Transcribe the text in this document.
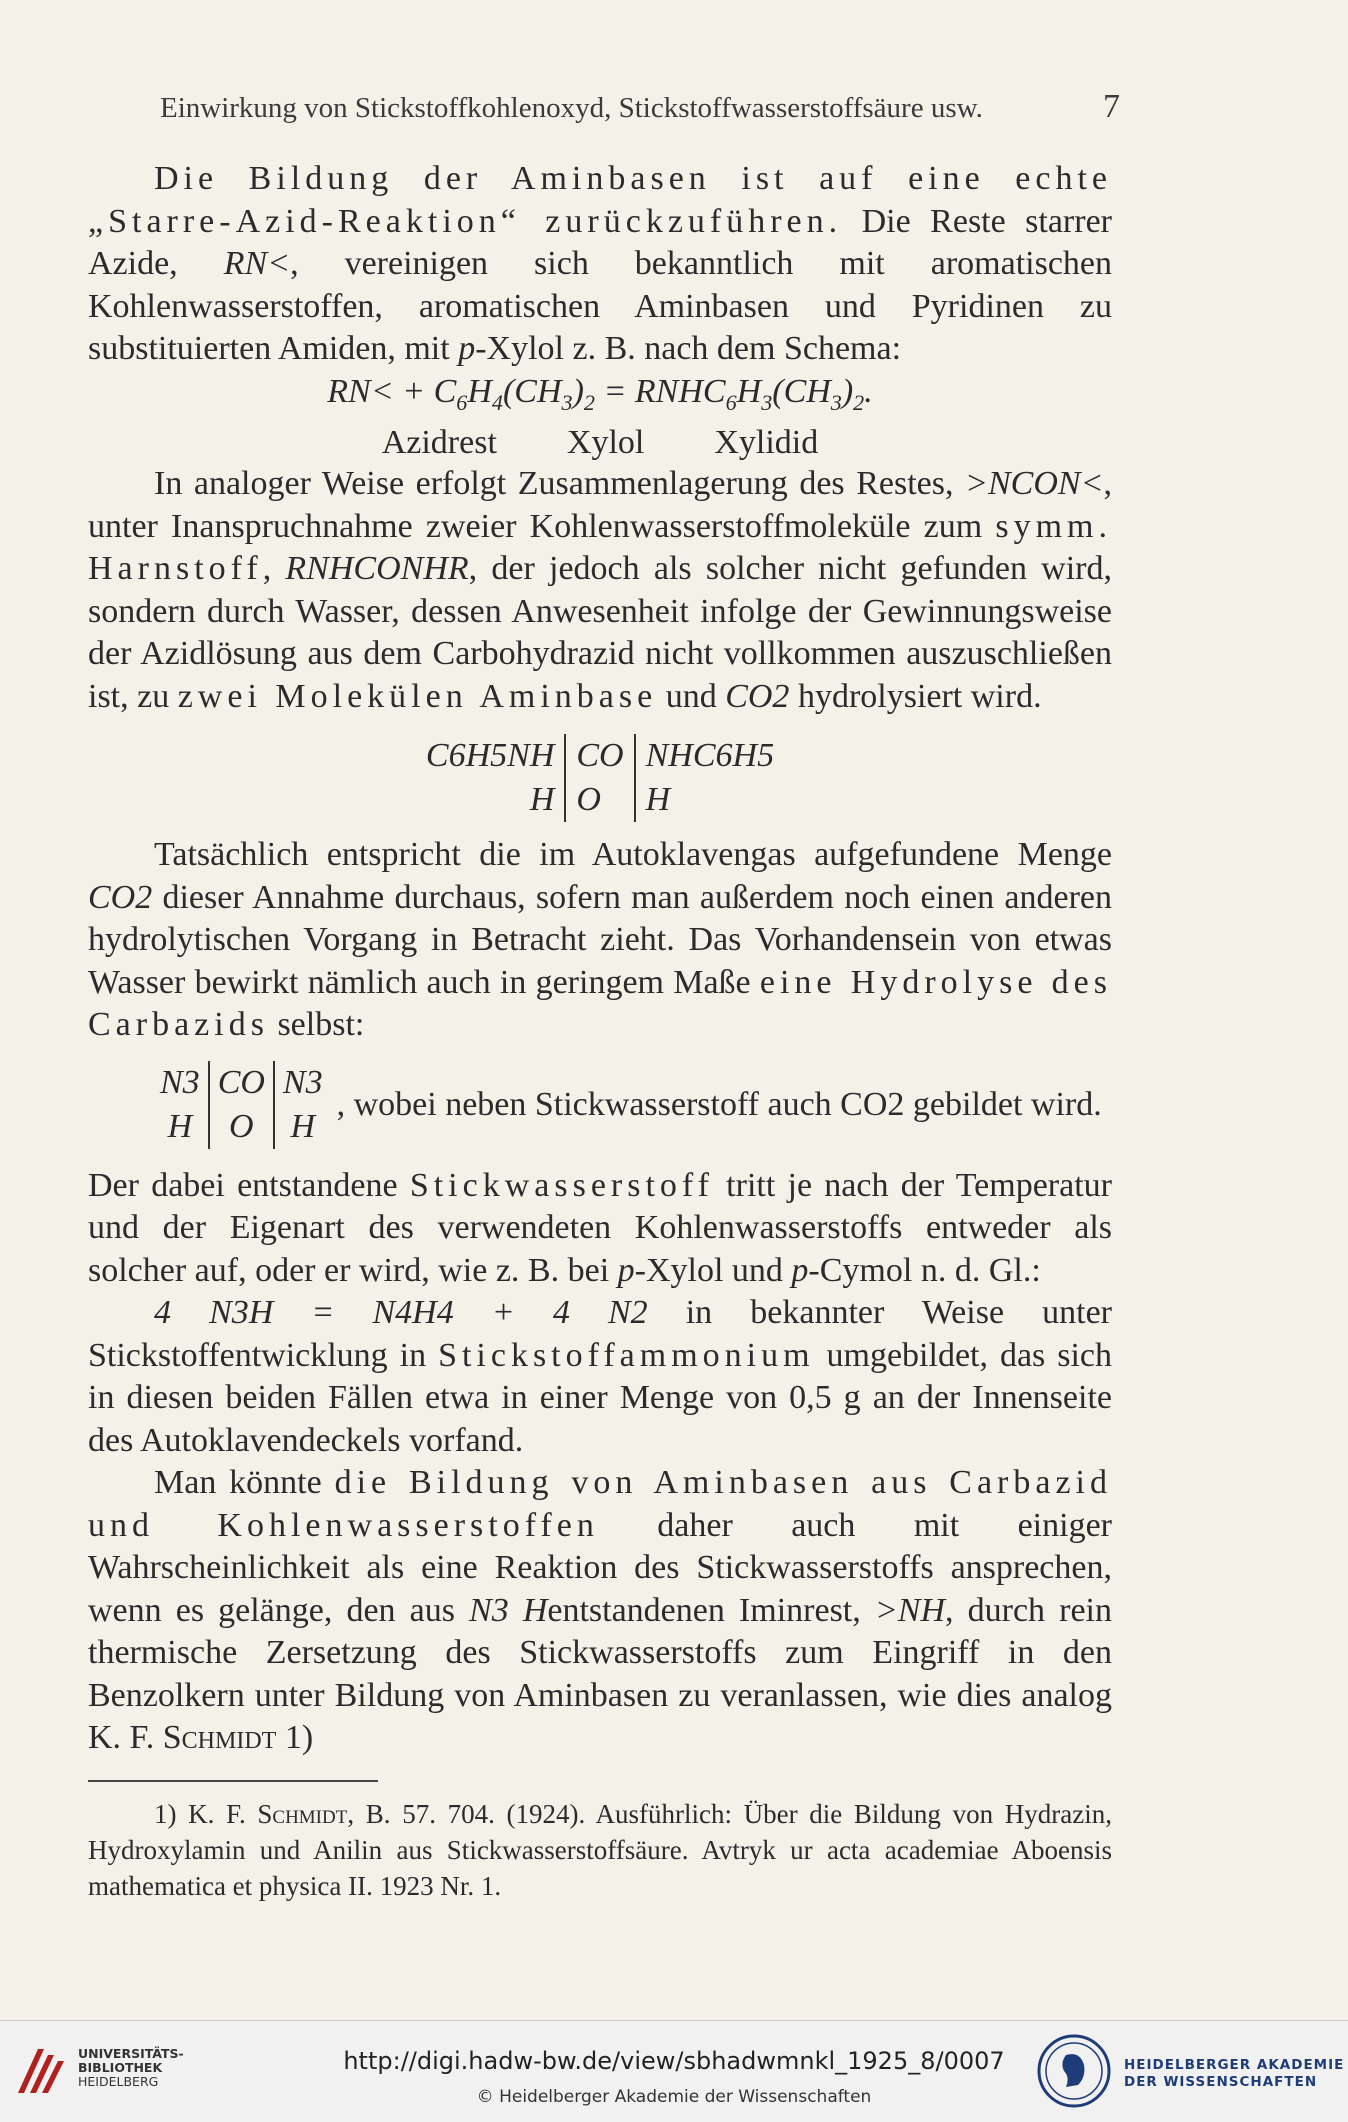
Einwirkung von Stickstoffkohlenoxyd, Stickstoffwasserstoffsäure usw.	7

Die Bildung der Aminbasen ist auf eine echte „Starre-Azid-Reaktion“ zurückzuführen. Die Reste starrer Azide, RN<, vereinigen sich bekanntlich mit aromatischen Kohlenwasserstoffen, aromatischen Aminbasen und Pyridinen zu substituierten Amiden, mit p-Xylol z. B. nach dem Schema:

$RN< + C_6H_4(CH_3)_2$ = $RNHC_6H_3(CH_3)_2$.

Azidrest Xylol Xylidid

In analoger Weise erfolgt Zusammenlagerung des Restes, >NCON<, unter Inanspruchnahme zweier Kohlenwasserstoffmoleküle zum symm. Harnstoff, RNHCONHR, der jedoch als solcher nicht gefunden wird, sondern durch Wasser, dessen Anwesenheit infolge der Gewinnungsweise der Azidlösung aus dem Carbohydrazid nicht vollkommen auszuschließen ist, zu zwei Molekülen Aminbase und CO2 hydrolysiert wird.

C6H5NH
H
CO
O
NHC6H5
H

Tatsächlich entspricht die im Autoklavengas aufgefundene Menge CO2 dieser Annahme durchaus, sofern man außerdem noch einen anderen hydrolytischen Vorgang in Betracht zieht. Das Vorhandensein von etwas Wasser bewirkt nämlich auch in geringem Maße eine Hydrolyse des Carbazids selbst:

N3
H
CO
O
N3
H
, wobei neben Stickwasserstoff auch CO2 gebildet wird.

Der dabei entstandene Stickwasserstoff tritt je nach der Temperatur und der Eigenart des verwendeten Kohlenwasserstoffs entweder als solcher auf, oder er wird, wie z. B. bei p-Xylol und p-Cymol n. d. Gl.:

4 N3H = N4H4 + 4 N2 in bekannter Weise unter Stickstoffentwicklung in Stickstoffammonium umgebildet, das sich in diesen beiden Fällen etwa in einer Menge von 0,5 g an der Innenseite des Autoklavendeckels vorfand.

Man könnte die Bildung von Aminbasen aus Carbazid und Kohlenwasserstoffen daher auch mit einiger Wahrscheinlichkeit als eine Reaktion des Stickwasserstoffs ansprechen, wenn es gelänge, den aus N3 Hentstandenen Iminrest, >NH, durch rein thermische Zersetzung des Stickwasserstoffs zum Eingriff in den Benzolkern unter Bildung von Aminbasen zu veranlassen, wie dies analog K. F. Schmidt 1)

1) K. F. Schmidt, B. 57. 704. (1924). Ausführlich: Über die Bildung von Hydrazin, Hydroxylamin und Anilin aus Stickwasserstoffsäure. Avtryk ur acta academiae Aboensis mathematica et physica II. 1923 Nr. 1.

UNIVERSITÄTS-
BIBLIOTHEK
HEIDELBERG
http://digi.hadw-bw.de/view/sbhadwmnkl_1925_8/0007
© Heidelberger Akademie der Wissenschaften
HEIDELBERGER AKADEMIE
DER WISSENSCHAFTEN
